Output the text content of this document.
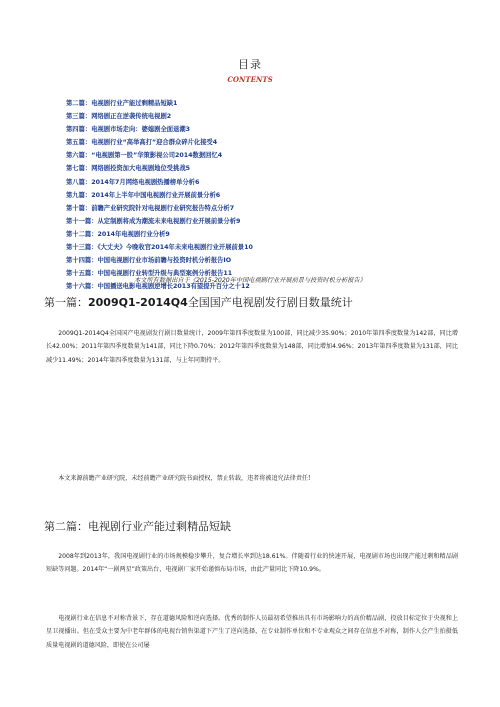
目录
CONTENTS
第二篇：电视剧行业产能过剩精品短缺1
第三篇：网络剧正在逆袭传统电视剧2
第四篇：电视剧市场走向：婆媳剧全面退潮3
第五篇：电视剧行业“高举高打”迎合群众碎片化接受4
第六篇：“电视剧第一股”华策影视公司2014数据回忆4
第七篇：网络剧投资加大电视剧地位受挑战5
第八篇：2014年7月网络电视剧热播榜单分析6
第九篇：2014年上半年中国电视剧行业开展前景分析6
第十篇：前瞻产业研究院针对电视剧行业研究报告特点分析7
第十一篇：从定制剧将成为潮流未来电视剧行业开展前景分析9
第十二篇：2014年电视剧行业分析9
第十三篇：《大丈夫》今晚收官2014年未来电视剧行业开展前景10
第十四篇：中国电视剧行业市场前瞻与投资时机分析报告IO
第十五篇：中国电视剧行业转型升级与典型案例分析报告11
第十六篇：中国播送电影电视剧逆增长2013有望提升百分之十12
本文所有数据出自于《2015-2020年中国电视剧行业开展前景与投资时机分析报告》
第一篇：2009Q1-2014Q4全国国产电视剧发行剧目数量统计

2009Q1-2014Q4全国国产电视剧发行剧目数量统计，2009年第四季度数量为100部，同比减少35.90%；2010年第四季度数量为142部，同比增长42.00%；2011年第四季度数量为141部，同比下降0.70%；2012年第四季度数量为148部，同比增加4.96%；2013年第四季度数量为131部，同比减少11.49%；2014年第四季度数量为131部，与上年同期持平。

本文来源前瞻产业研究院，未经前瞻产业研究院书面授权，禁止转载，违者将被追究法律责任!
第二篇：电视剧行业产能过剩精品短缺

2008年到2013年，我国电视剧行业的市场规模稳步攀升，复合增长率到达18.61%。伴随着行业的快速开展，电视剧市场也出现产能过剩和精品剧短缺等问题。2014年“一剧两星”政策出台，电视剧厂家开始谨慎布局市场，由此产量同比下降10.9%。

电视剧行业在信息不对称背景下，存在道德风险和逆向选择。优秀的制作人员最初希望推出具有市场影响力的高价精品剧，投放目标定位于央视和上星卫视播出。但在受众主要为中老年群体的电视台销售渠道下产生了逆向选择，在专业制作单位和不专业观众之间存在信息不对称，制作人会产生拍摄低质量电视剧的道德风险，即使在公司屡
